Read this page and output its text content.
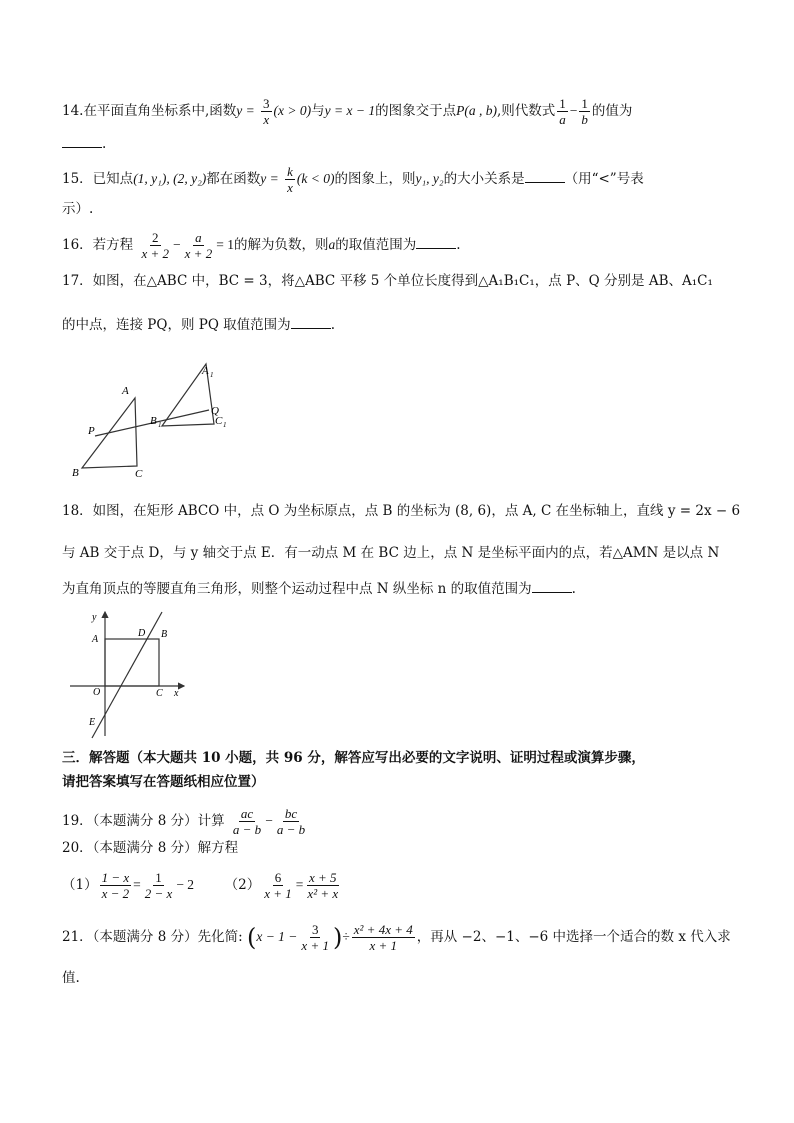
14.在平面直角坐标系中,函数$y = \frac{3}{x} (x > 0)$与y = x − 1的图象交于点P(a , b),则代数式 $\frac{1}{a} - \frac{1}{b}$ 的值为
.
15．已知点(1, y₁), (2, y₂)都在函数$y = \frac{k}{x} (k < 0)$的图象上，则y₁, y₂的大小关系是	（用“<”号表
示）.
16．若方程 $\frac{2}{x + 2} - \frac{a}{x + 2} = 1$的解为负数，则a的取值范围为	.
17．如图，在△ABC 中，BC = 3，将△ABC 平移 5 个单位长度得到△A₁B₁C₁，点 P、Q 分别是 AB、A₁C₁
的中点，连接 PQ，则 PQ 取值范围为	.
A
B	C
P
Q
A 1
B 1	C 1
18．如图，在矩形 ABCO 中，点 O 为坐标原点，点 B 的坐标为 (8, 6)，点 A, C 在坐标轴上，直线 y = 2x − 6
与 AB 交于点 D，与 y 轴交于点 E．有一动点 M 在 BC 边上，点 N 是坐标平面内的点，若△AMN 是以点 N
为直角顶点的等腰直角三角形，则整个运动过程中点 N 纵坐标 n 的取值范围为	.
y
x
A
D B
O	C
E
三．解答题（本大题共 10 小题，共 96 分，解答应写出必要的文字说明、证明过程或演算步骤，
请把答案填写在答题纸相应位置）
19．（本题满分 8 分）计算 $\frac{ac}{a - b} - \frac{bc}{a - b}$
20．（本题满分 8 分）解方程
$(1) \frac{1 - x}{x - 2} = \frac{1}{2 - x} - 2$ $(2) \frac{6}{x + 1} = \frac{x + 5}{\text{x² + x}}$
21．（本题满分 8 分）先化简: ($x - 1 - \frac{3}{x + 1}$ )÷ $\frac{\text{x² + 4x + 4}}{x + 1}$ ，再从 −2、−1、−6 中选择一个适合的数 x 代入求
值.
